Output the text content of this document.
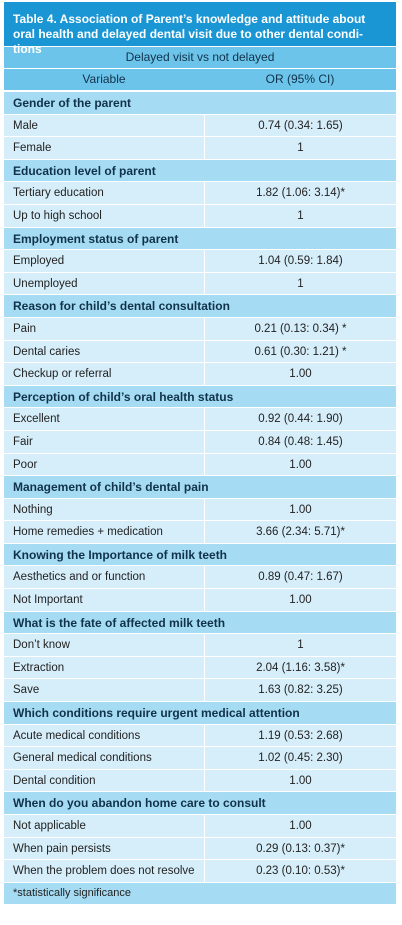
Table 4. Association of Parent’s knowledge and attitude about
oral health and delayed dental visit due to other dental condi-
tions
Delayed visit vs not delayed
Variable	OR (95% CI)
Gender of the parent
Male	0.74 (0.34: 1.65)
Female	1
Education level of parent
Tertiary education	1.82 (1.06: 3.14)*
Up to high school	1
Employment status of parent
Employed	1.04 (0.59: 1.84)
Unemployed	1
Reason for child’s dental consultation
Pain	0.21 (0.13: 0.34) *
Dental caries	0.61 (0.30: 1.21) *
Checkup or referral	1.00
Perception of child’s oral health status
Excellent	0.92 (0.44: 1.90)
Fair	0.84 (0.48: 1.45)
Poor	1.00
Management of child’s dental pain
Nothing	1.00
Home remedies + medication	3.66 (2.34: 5.71)*
Knowing the Importance of milk teeth
Aesthetics and or function	0.89 (0.47: 1.67)
Not Important	1.00
What is the fate of affected milk teeth
Don’t know	1
Extraction	2.04 (1.16: 3.58)*
Save	1.63 (0.82: 3.25)
Which conditions require urgent medical attention
Acute medical conditions	1.19 (0.53: 2.68)
General medical conditions	1.02 (0.45: 2.30)
Dental condition	1.00
When do you abandon home care to consult
Not applicable	1.00
When pain persists	0.29 (0.13: 0.37)*
When the problem does not resolve	0.23 (0.10: 0.53)*
*statistically significance
